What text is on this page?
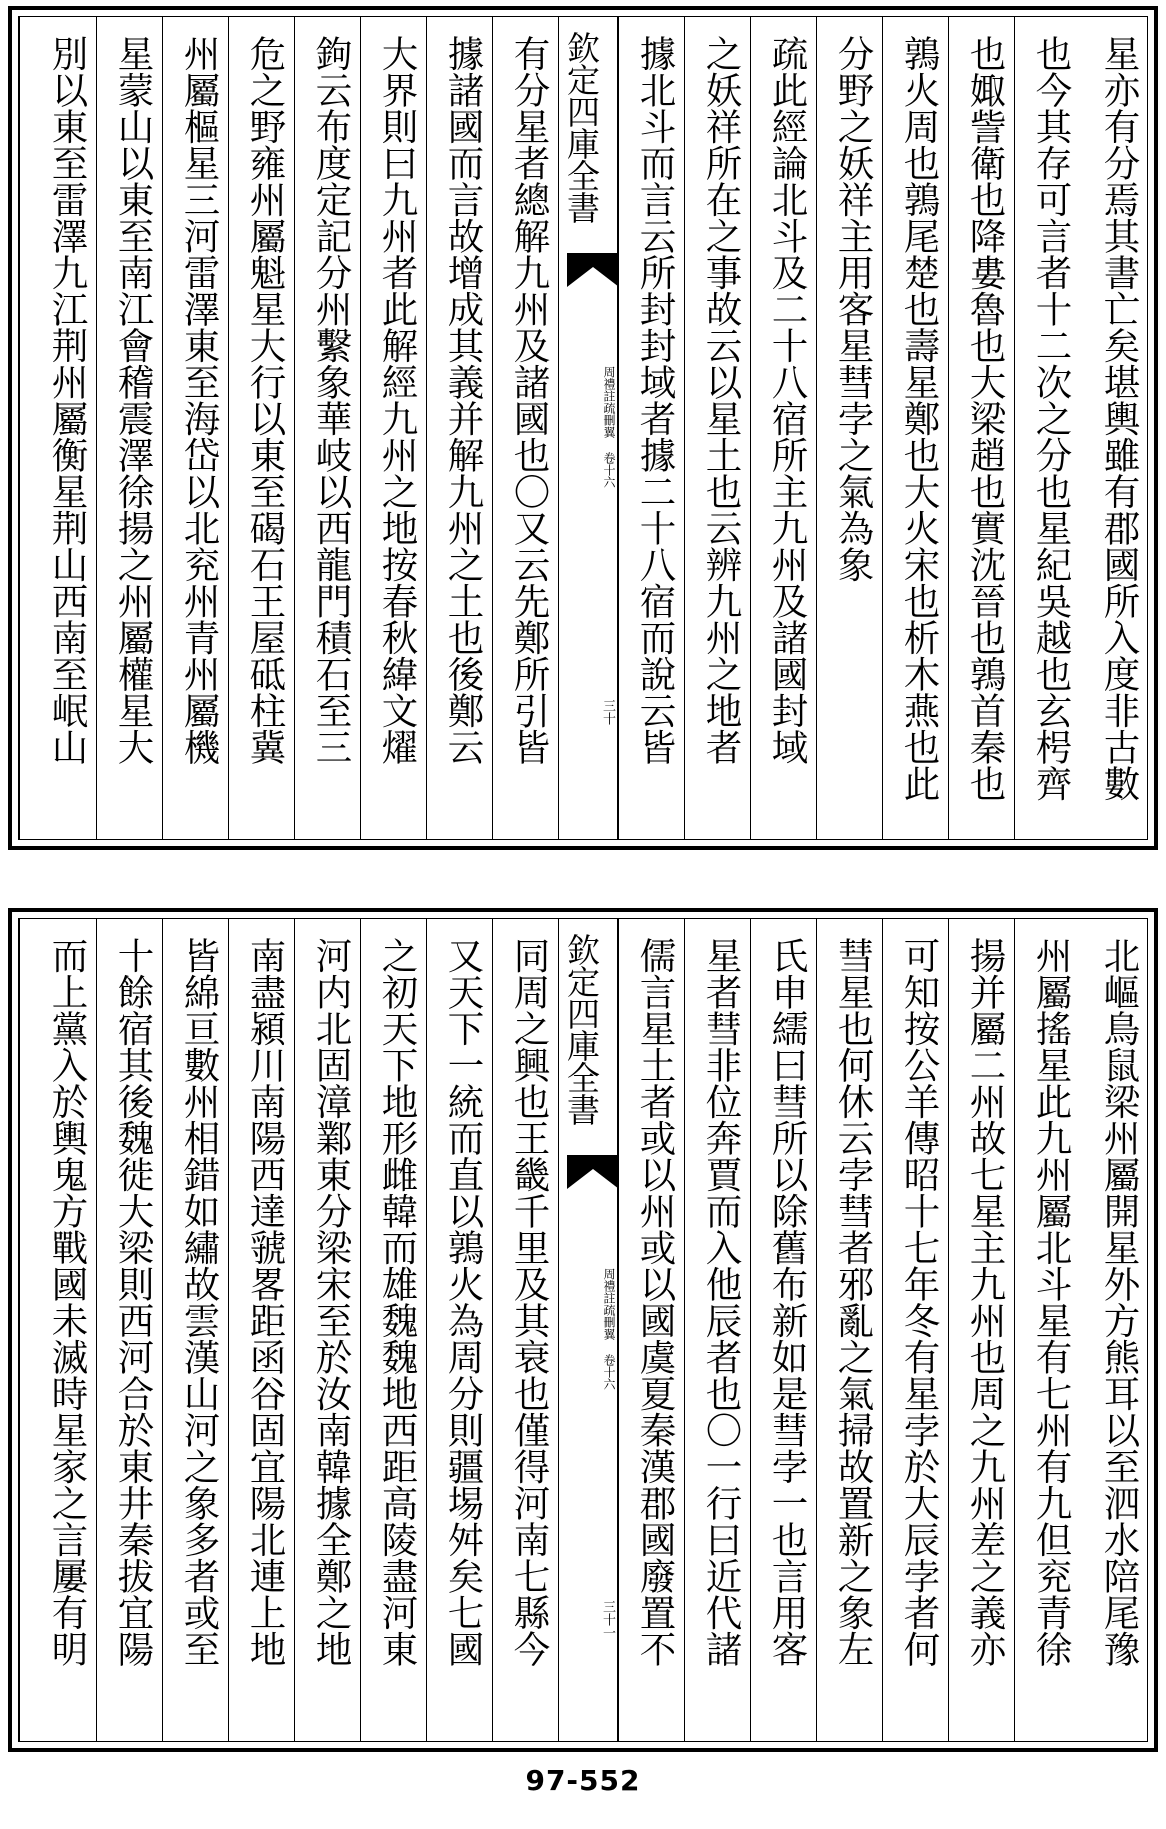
星亦有分焉其書亡矣堪輿雖有郡國所入度非古數
也今其存可言者十二次之分也星紀吳越也玄枵齊
也娵訾衛也降婁魯也大梁趙也實沈晉也鶉首秦也
鶉火周也鶉尾楚也壽星鄭也大火宋也析木燕也此
分野之妖祥主用客星彗孛之氣為象
疏此經論北斗及二十八宿所主九州及諸國封域
之妖祥所在之事故云以星土也云辨九州之地者
據北斗而言云所封封域者據二十八宿而說云皆
欽定四庫全書
周禮註疏刪翼 卷十六
三十
有分星者總解九州及諸國也〇又云先鄭所引皆
據諸國而言故增成其義并解九州之土也後鄭云
大界則曰九州者此解經九州之地按春秋緯文燿
鉤云布度定記分州繫象華岐以西龍門積石至三
危之野雍州屬魁星大行以東至碣石王屋砥柱冀
州屬樞星三河雷澤東至海岱以北兖州青州屬機
星蒙山以東至南江會稽震澤徐揚之州屬權星大
別以東至雷澤九江荆州屬衡星荆山西南至岷山
北嶇鳥鼠梁州屬開星外方熊耳以至泗水陪尾豫
州屬搖星此九州屬北斗星有七州有九但兖青徐
揚并屬二州故七星主九州也周之九州差之義亦
可知按公羊傳昭十七年冬有星孛於大辰孛者何
彗星也何休云孛彗者邪亂之氣掃故置新之象左
氏申繻曰彗所以除舊布新如是彗孛一也言用客
星者彗非位奔賈而入他辰者也〇一行曰近代諸
儒言星土者或以州或以國虞夏秦漢郡國廢置不
欽定四庫全書
周禮註疏刪翼 卷十六
三十一
同周之興也王畿千里及其衰也僅得河南七縣今
又天下一統而直以鶉火為周分則疆埸舛矣七國
之初天下地形雌韓而雄魏魏地西距高陵盡河東
河内北固漳鄴東分梁宋至於汝南韓據全鄭之地
南盡潁川南陽西達虢畧距函谷固宜陽北連上地
皆綿亘數州相錯如繡故雲漢山河之象多者或至
十餘宿其後魏徙大梁則西河合於東井秦拔宜陽
而上黨入於輿鬼方戰國未滅時星家之言屢有明
97-552
